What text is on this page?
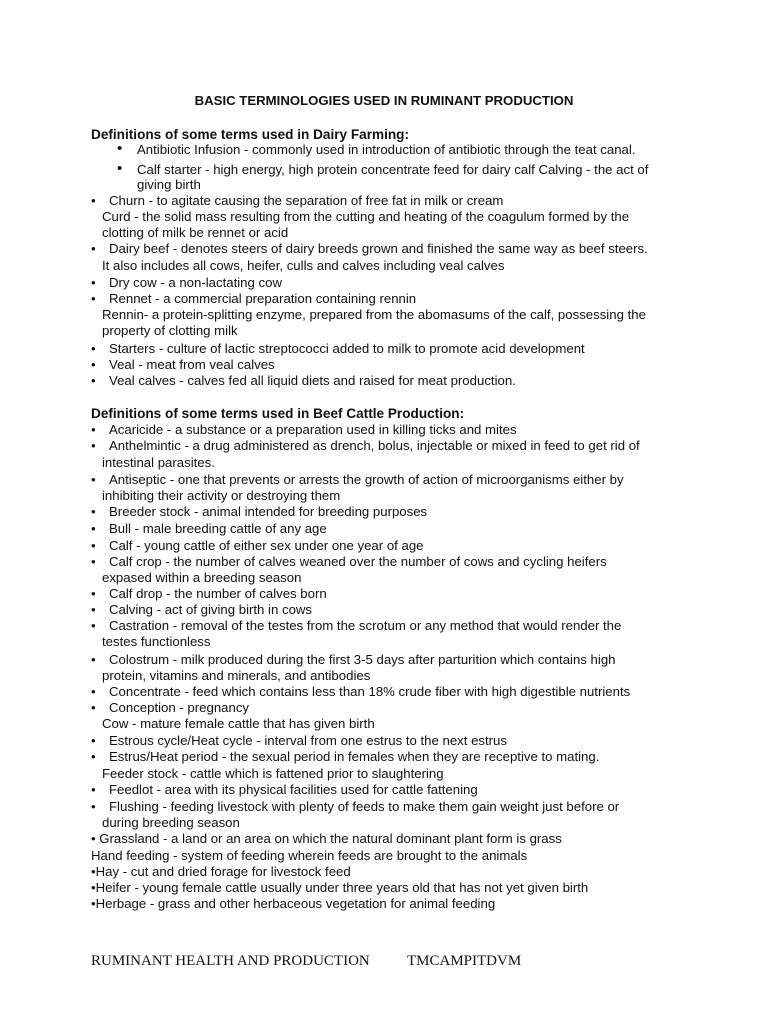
BASIC TERMINOLOGIES USED IN RUMINANT PRODUCTION
Definitions of some terms used in Dairy Farming:
• Antibiotic Infusion - commonly used in introduction of antibiotic through the teat canal.
• Calf starter - high energy, high protein concentrate feed for dairy calf Calving - the act of
giving birth
• Churn - to agitate causing the separation of free fat in milk or cream
Curd - the solid mass resulting from the cutting and heating of the coagulum formed by the
clotting of milk be rennet or acid
• Dairy beef - denotes steers of dairy breeds grown and finished the same way as beef steers.
It also includes all cows, heifer, culls and calves including veal calves
• Dry cow - a non-lactating cow
• Rennet - a commercial preparation containing rennin
Rennin- a protein-splitting enzyme, prepared from the abomasums of the calf, possessing the
property of clotting milk
• Starters - culture of lactic streptococci added to milk to promote acid development
• Veal - meat from veal calves
• Veal calves - calves fed all liquid diets and raised for meat production.
Definitions of some terms used in Beef Cattle Production:
• Acaricide - a substance or a preparation used in killing ticks and mites
• Anthelmintic - a drug administered as drench, bolus, injectable or mixed in feed to get rid of
intestinal parasites.
• Antiseptic - one that prevents or arrests the growth of action of microorganisms either by
inhibiting their activity or destroying them
• Breeder stock - animal intended for breeding purposes
• Bull - male breeding cattle of any age
• Calf - young cattle of either sex under one year of age
• Calf crop - the number of calves weaned over the number of cows and cycling heifers
expased within a breeding season
• Calf drop - the number of calves born
• Calving - act of giving birth in cows
• Castration - removal of the testes from the scrotum or any method that would render the
testes functionless
• Colostrum - milk produced during the first 3-5 days after parturition which contains high
protein, vitamins and minerals, and antibodies
• Concentrate - feed which contains less than 18% crude fiber with high digestible nutrients
• Conception - pregnancy
Cow - mature female cattle that has given birth
• Estrous cycle/Heat cycle - interval from one estrus to the next estrus
• Estrus/Heat period - the sexual period in females when they are receptive to mating.
Feeder stock - cattle which is fattened prior to slaughtering
• Feedlot - area with its physical facilities used for cattle fattening
• Flushing - feeding livestock with plenty of feeds to make them gain weight just before or
during breeding season
• Grassland - a land or an area on which the natural dominant plant form is grass
Hand feeding - system of feeding wherein feeds are brought to the animals
•Hay - cut and dried forage for livestock feed
•Heifer - young female cattle usually under three years old that has not yet given birth
•Herbage - grass and other herbaceous vegetation for animal feeding
RUMINANT HEALTH AND PRODUCTION TMCAMPITDVM
